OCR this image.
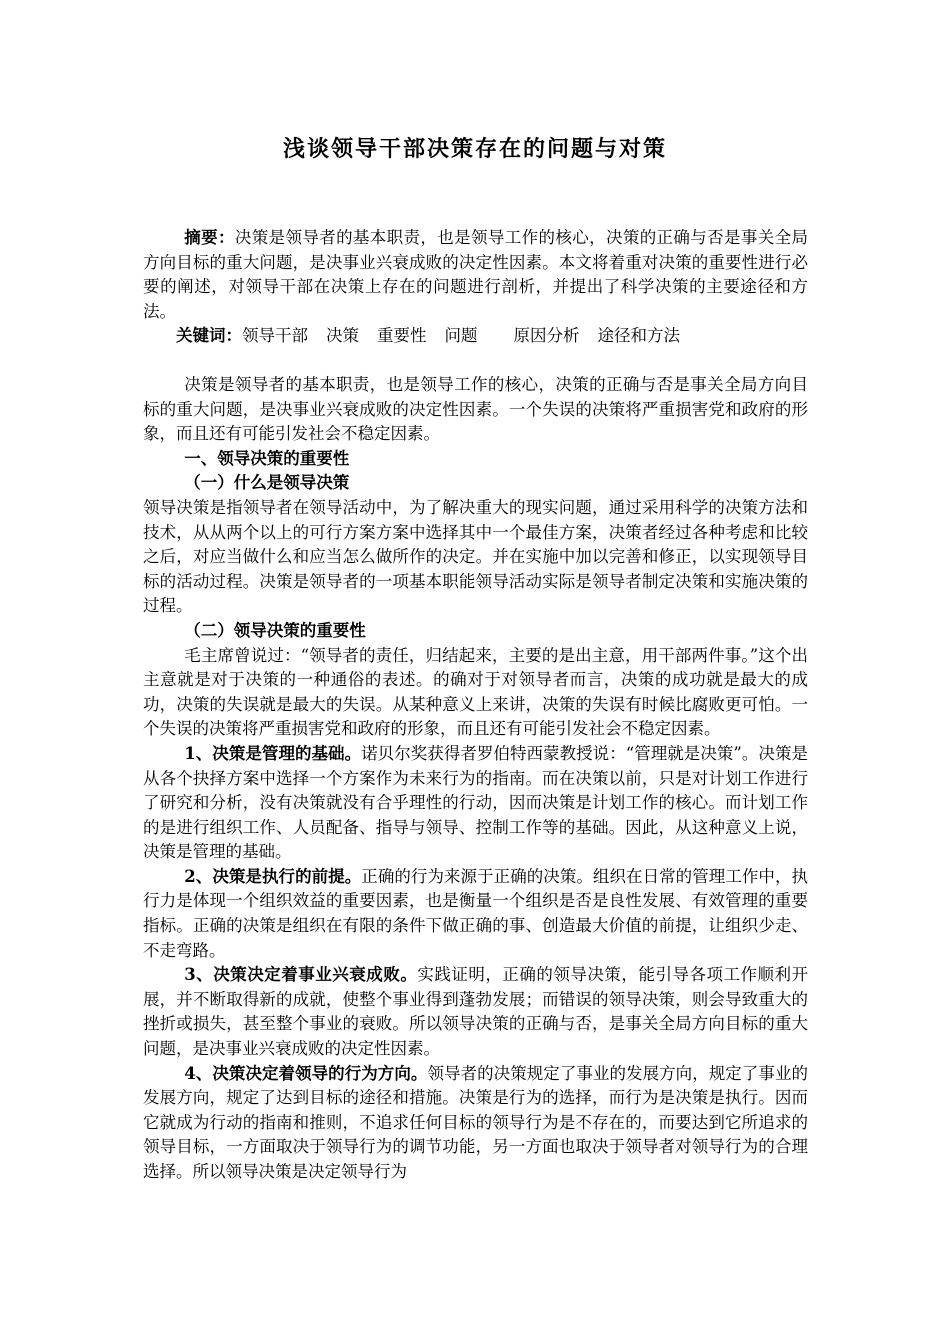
浅谈领导干部决策存在的问题与对策

摘要：决策是领导者的基本职责，也是领导工作的核心，决策的正确与否是事关全局方向目标的重大问题，是决事业兴衰成败的决定性因素。本文将着重对决策的重要性进行必要的阐述，对领导干部在决策上存在的问题进行剖析，并提出了科学决策的主要途径和方法。

关键词：领导干部 决策 重要性 问题 原因分析 途径和方法

决策是领导者的基本职责，也是领导工作的核心，决策的正确与否是事关全局方向目标的重大问题，是决事业兴衰成败的决定性因素。一个失误的决策将严重损害党和政府的形象，而且还有可能引发社会不稳定因素。

一、领导决策的重要性

（一）什么是领导决策

领导决策是指领导者在领导活动中，为了解决重大的现实问题，通过采用科学的决策方法和技术，从从两个以上的可行方案方案中选择其中一个最佳方案，决策者经过各种考虑和比较之后，对应当做什么和应当怎么做所作的决定。并在实施中加以完善和修正，以实现领导目标的活动过程。决策是领导者的一项基本职能领导活动实际是领导者制定决策和实施决策的过程。

（二）领导决策的重要性

毛主席曾说过：“领导者的责任，归结起来，主要的是出主意，用干部两件事。”这个出主意就是对于决策的一种通俗的表述。的确对于对领导者而言，决策的成功就是最大的成功，决策的失误就是最大的失误。从某种意义上来讲，决策的失误有时候比腐败更可怕。一个失误的决策将严重损害党和政府的形象，而且还有可能引发社会不稳定因素。

1、决策是管理的基础。诺贝尔奖获得者罗伯特西蒙教授说：“管理就是决策”。决策是从各个抉择方案中选择一个方案作为未来行为的指南。而在决策以前，只是对计划工作进行了研究和分析，没有决策就没有合乎理性的行动，因而决策是计划工作的核心。而计划工作的是进行组织工作、人员配备、指导与领导、控制工作等的基础。因此，从这种意义上说，决策是管理的基础。

2、决策是执行的前提。正确的行为来源于正确的决策。组织在日常的管理工作中，执行力是体现一个组织效益的重要因素，也是衡量一个组织是否是良性发展、有效管理的重要指标。正确的决策是组织在有限的条件下做正确的事、创造最大价值的前提，让组织少走、不走弯路。

3、决策决定着事业兴衰成败。实践证明，正确的领导决策，能引导各项工作顺利开展，并不断取得新的成就，使整个事业得到蓬勃发展；而错误的领导决策，则会导致重大的挫折或损失，甚至整个事业的衰败。所以领导决策的正确与否，是事关全局方向目标的重大问题，是决事业兴衰成败的决定性因素。

4、决策决定着领导的行为方向。领导者的决策规定了事业的发展方向，规定了事业的发展方向，规定了达到目标的途径和措施。决策是行为的选择，而行为是决策是执行。因而它就成为行动的指南和推则，不追求任何目标的领导行为是不存在的，而要达到它所追求的领导目标，一方面取决于领导行为的调节功能，另一方面也取决于领导者对领导行为的合理选择。所以领导决策是决定领导行为
